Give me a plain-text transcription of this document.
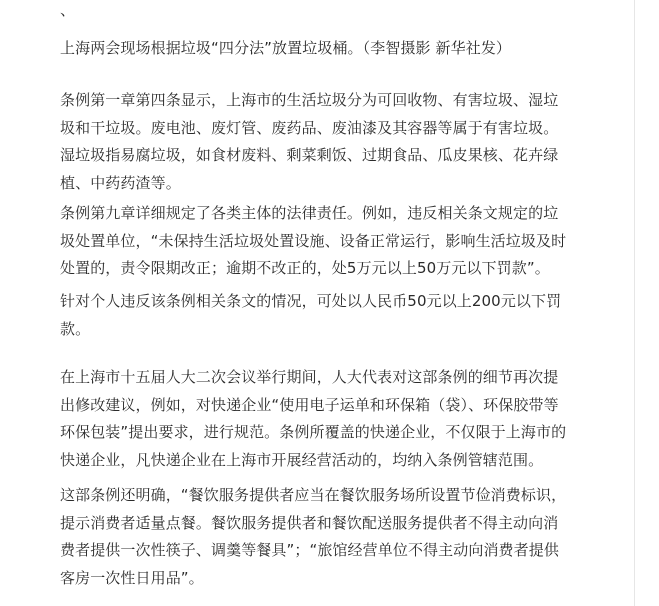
、

上海两会现场根据垃圾“四分法”放置垃圾桶。（李智摄影 新华社发）

条例第一章第四条显示，上海市的生活垃圾分为可回收物、有害垃圾、湿垃
圾和干垃圾。废电池、废灯管、废药品、废油漆及其容器等属于有害垃圾。
湿垃圾指易腐垃圾，如食材废料、剩菜剩饭、过期食品、瓜皮果核、花卉绿
植、中药药渣等。

条例第九章详细规定了各类主体的法律责任。例如，违反相关条文规定的垃
圾处置单位，“未保持生活垃圾处置设施、设备正常运行，影响生活垃圾及时
处置的，责令限期改正；逾期不改正的，处5万元以上50万元以下罚款”。

针对个人违反该条例相关条文的情况，可处以人民币50元以上200元以下罚
款。

在上海市十五届人大二次会议举行期间，人大代表对这部条例的细节再次提
出修改建议，例如，对快递企业“使用电子运单和环保箱（袋）、环保胶带等
环保包装”提出要求，进行规范。条例所覆盖的快递企业，不仅限于上海市的
快递企业，凡快递企业在上海市开展经营活动的，均纳入条例管辖范围。

这部条例还明确，“餐饮服务提供者应当在餐饮服务场所设置节俭消费标识，
提示消费者适量点餐。餐饮服务提供者和餐饮配送服务提供者不得主动向消
费者提供一次性筷子、调羹等餐具”；“旅馆经营单位不得主动向消费者提供
客房一次性日用品”。
